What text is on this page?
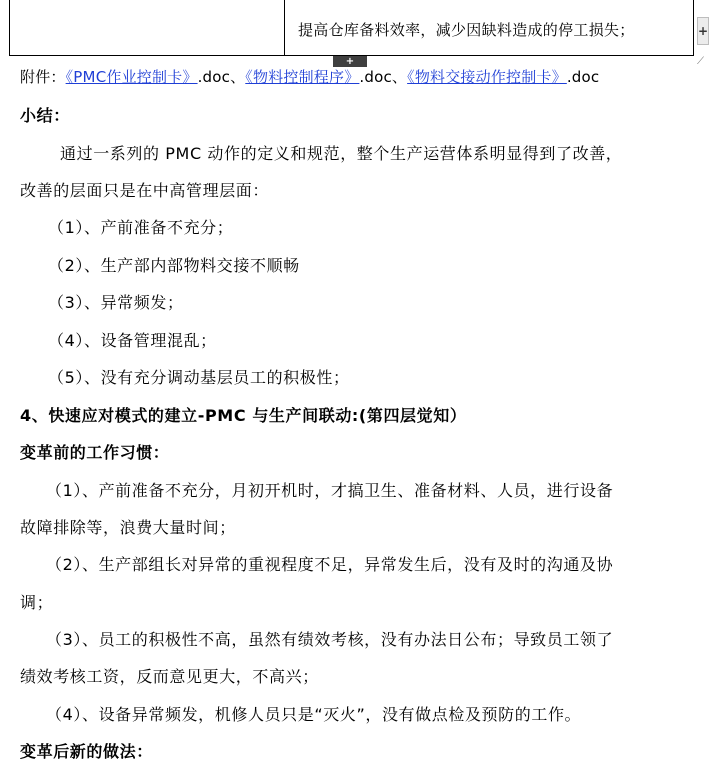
提高仓库备料效率，减少因缺料造成的停工损失；	+
+	⟋
附件：《PMC作业控制卡》.doc、《物料控制程序》.doc、《物料交接动作控制卡》.doc
小结：
通过一系列的 PMC 动作的定义和规范，整个生产运营体系明显得到了改善，
改善的层面只是在中高管理层面：
（1）、产前准备不充分；
（2）、生产部内部物料交接不顺畅
（3）、异常频发；
（4）、设备管理混乱；
（5）、没有充分调动基层员工的积极性；
4、快速应对模式的建立-PMC 与生产间联动:(第四层觉知）
变革前的工作习惯：
（1）、产前准备不充分，月初开机时，才搞卫生、准备材料、人员，进行设备
故障排除等，浪费大量时间；
（2）、生产部组长对异常的重视程度不足，异常发生后，没有及时的沟通及协
调；
（3）、员工的积极性不高，虽然有绩效考核，没有办法日公布；导致员工领了
绩效考核工资，反而意见更大，不高兴；
（4）、设备异常频发，机修人员只是“灭火”，没有做点检及预防的工作。
变革后新的做法：
